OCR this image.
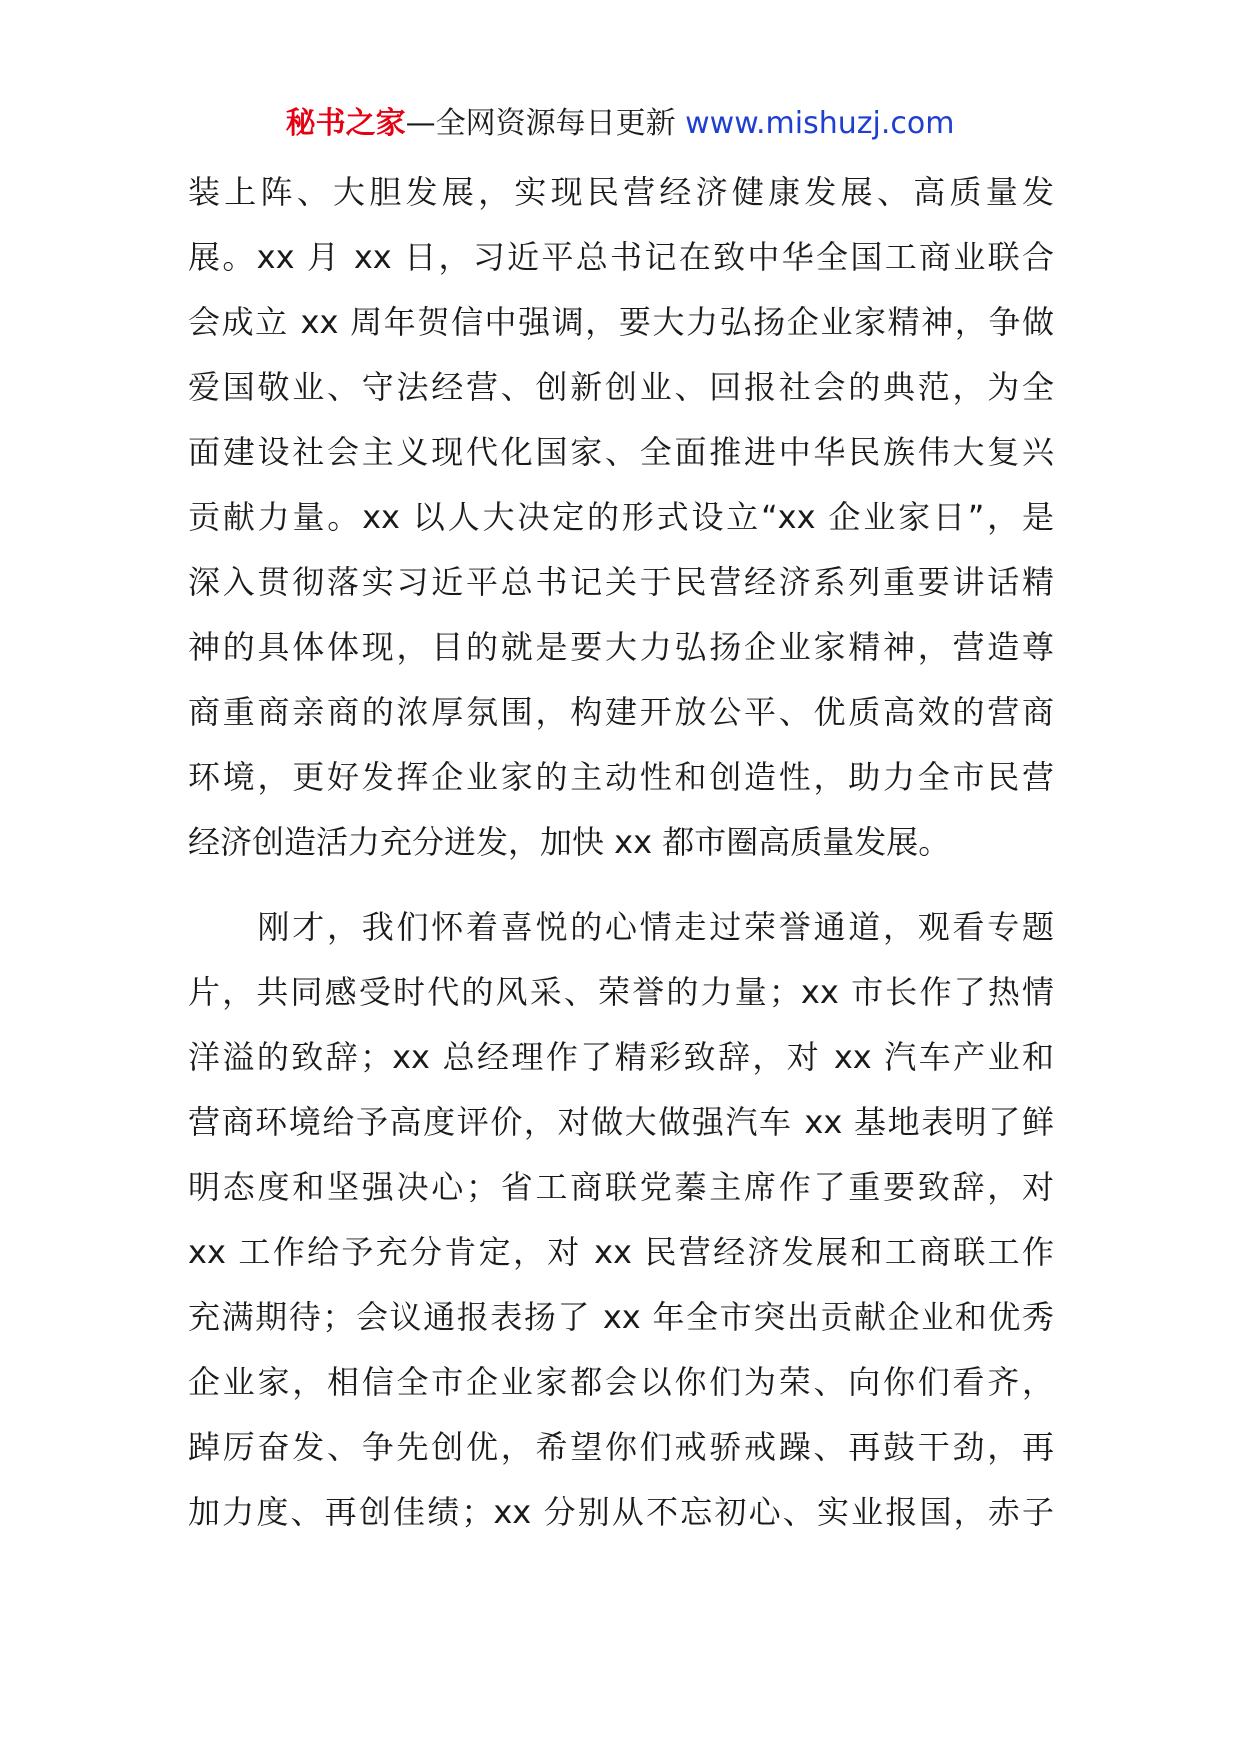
秘书之家—全网资源每日更新 www.mishuzj.com
装上阵、大胆发展，实现民营经济健康发展、高质量发
展。xx 月 xx 日，习近平总书记在致中华全国工商业联合
会成立 xx 周年贺信中强调，要大力弘扬企业家精神，争做
爱国敬业、守法经营、创新创业、回报社会的典范，为全
面建设社会主义现代化国家、全面推进中华民族伟大复兴
贡献力量。xx 以人大决定的形式设立“xx 企业家日”，是
深入贯彻落实习近平总书记关于民营经济系列重要讲话精
神的具体体现，目的就是要大力弘扬企业家精神，营造尊
商重商亲商的浓厚氛围，构建开放公平、优质高效的营商
环境，更好发挥企业家的主动性和创造性，助力全市民营
经济创造活力充分迸发，加快 xx 都市圈高质量发展。
　　刚才，我们怀着喜悦的心情走过荣誉通道，观看专题
片，共同感受时代的风采、荣誉的力量；xx 市长作了热情
洋溢的致辞；xx 总经理作了精彩致辞，对 xx 汽车产业和
营商环境给予高度评价，对做大做强汽车 xx 基地表明了鲜
明态度和坚强决心；省工商联党蓁主席作了重要致辞，对
xx 工作给予充分肯定，对 xx 民营经济发展和工商联工作
充满期待；会议通报表扬了 xx 年全市突出贡献企业和优秀
企业家，相信全市企业家都会以你们为荣、向你们看齐，
踔厉奋发、争先创优，希望你们戒骄戒躁、再鼓干劲，再
加力度、再创佳绩；xx 分别从不忘初心、实业报国，赤子
